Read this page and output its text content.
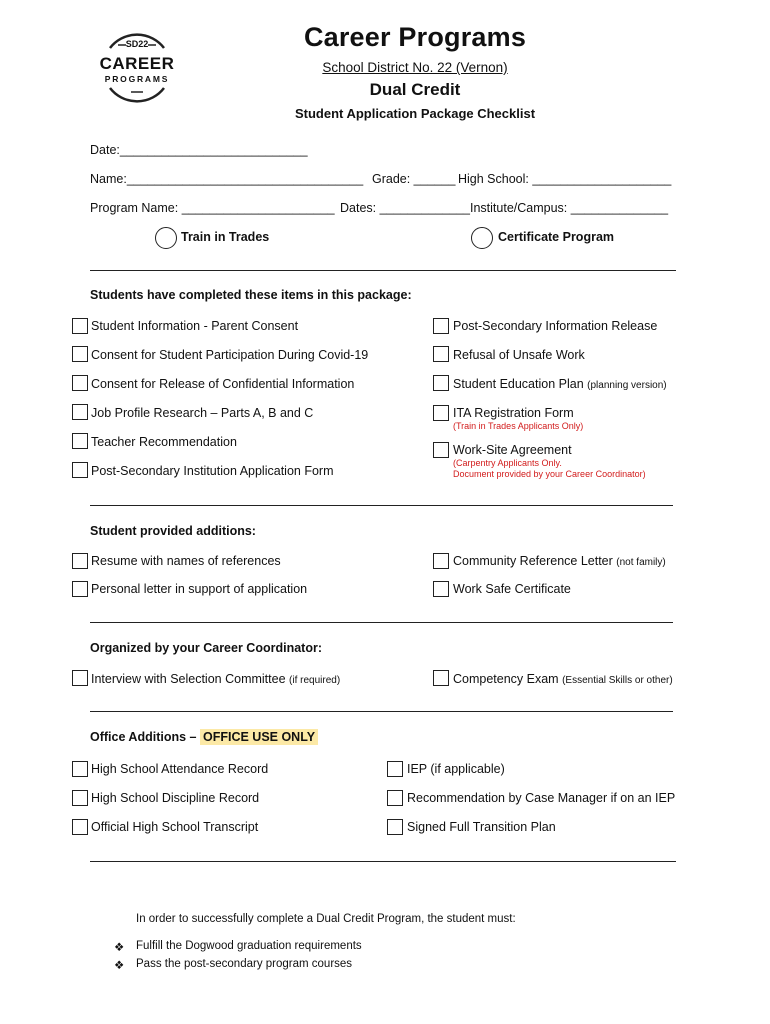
SD22
CAREER
PROGRAMS
Career Programs
School District No. 22 (Vernon)
Dual Credit
Student Application Package Checklist
Date:___________________________
Name:__________________________________ Grade: ______ High School: ____________________
Program Name: ______________________ Dates: _____________ Institute/Campus: ______________
Train in Trades	Certificate Program
Students have completed these items in this package:
Student Information - Parent Consent
Consent for Student Participation During Covid-19
Consent for Release of Confidential Information
Job Profile Research – Parts A, B and C
Teacher Recommendation
Post-Secondary Institution Application Form
Post-Secondary Information Release
Refusal of Unsafe Work
Student Education Plan (planning version)
ITA Registration Form
(Train in Trades Applicants Only)
Work-Site Agreement
(Carpentry Applicants Only.
Document provided by your Career Coordinator)
Student provided additions:
Resume with names of references
Personal letter in support of application
Community Reference Letter (not family)
Work Safe Certificate
Organized by your Career Coordinator:
Interview with Selection Committee (if required)	Competency Exam (Essential Skills or other)
Office Additions – OFFICE USE ONLY
High School Attendance Record
High School Discipline Record
Official High School Transcript
IEP (if applicable)
Recommendation by Case Manager if on an IEP
Signed Full Transition Plan
In order to successfully complete a Dual Credit Program, the student must:
❖ Fulfill the Dogwood graduation requirements
❖ Pass the post-secondary program courses
